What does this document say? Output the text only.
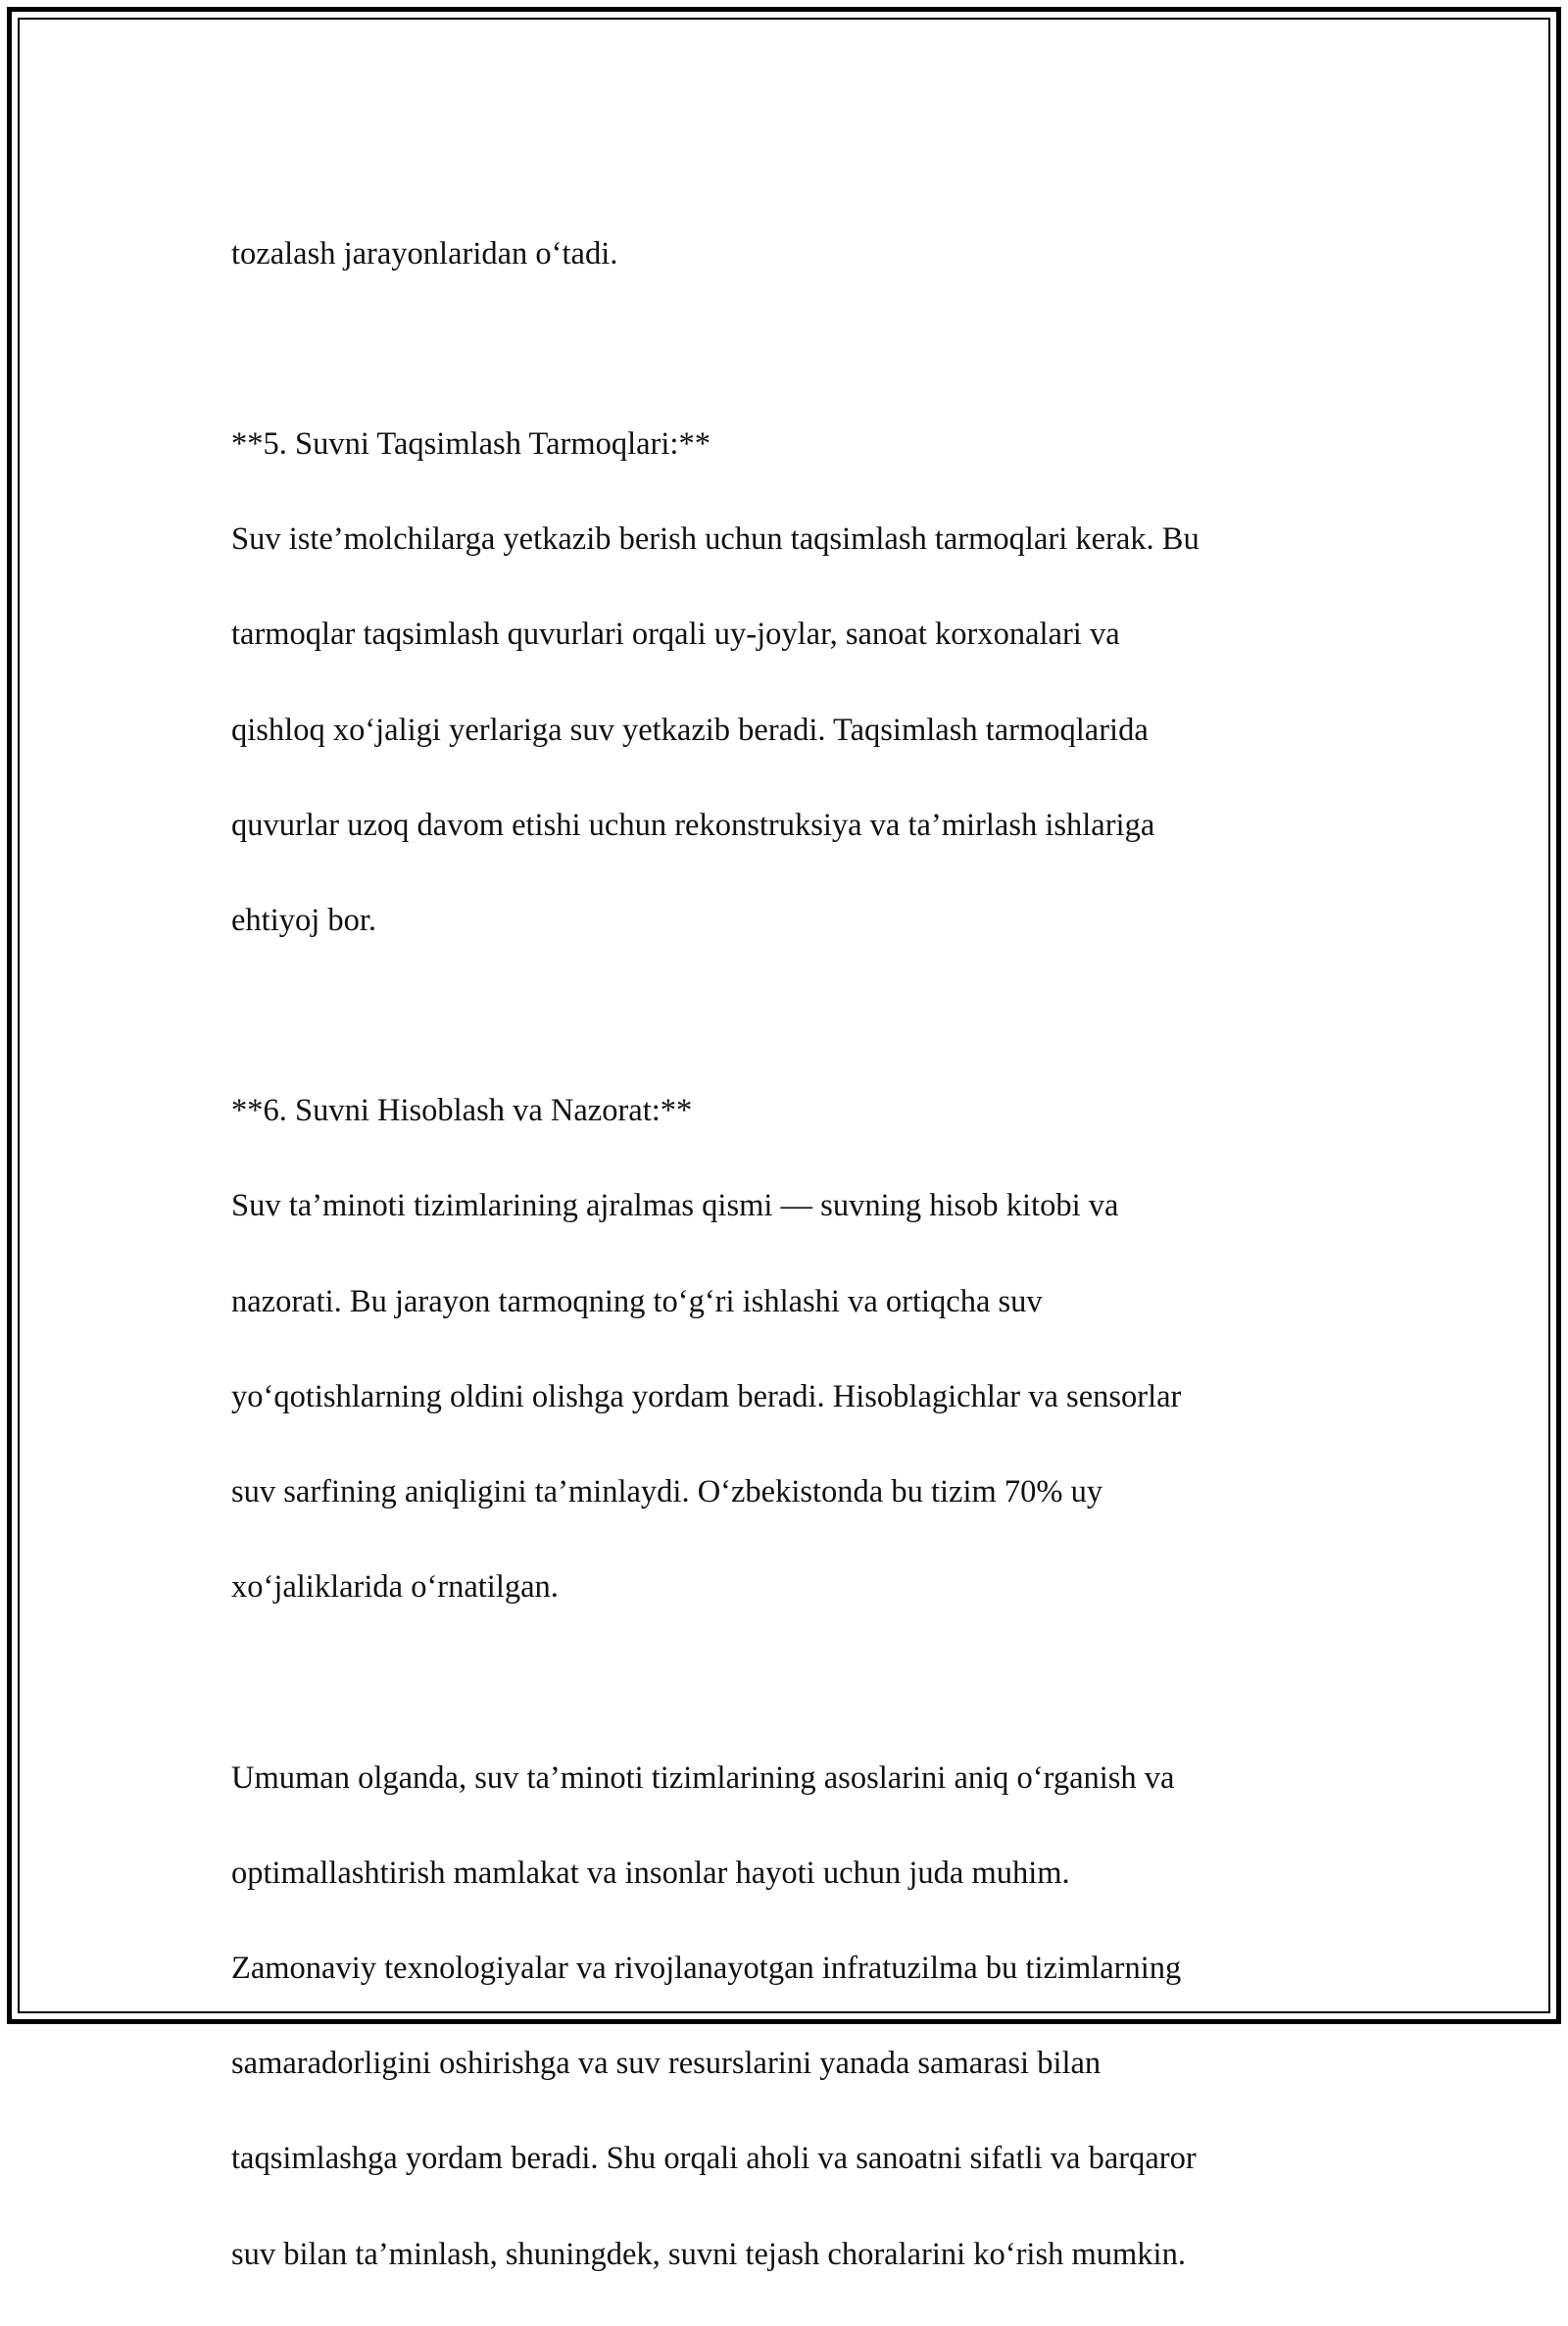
tozalash jarayonlaridan o‘tadi.

**5. Suvni Taqsimlash Tarmoqlari:**

Suv iste’molchilarga yetkazib berish uchun taqsimlash tarmoqlari kerak. Bu

tarmoqlar taqsimlash quvurlari orqali uy-joylar, sanoat korxonalari va

qishloq xo‘jaligi yerlariga suv yetkazib beradi. Taqsimlash tarmoqlarida

quvurlar uzoq davom etishi uchun rekonstruksiya va ta’mirlash ishlariga

ehtiyoj bor.

**6. Suvni Hisoblash va Nazorat:**

Suv ta’minoti tizimlarining ajralmas qismi — suvning hisob kitobi va

nazorati. Bu jarayon tarmoqning to‘g‘ri ishlashi va ortiqcha suv

yo‘qotishlarning oldini olishga yordam beradi. Hisoblagichlar va sensorlar

suv sarfining aniqligini ta’minlaydi. O‘zbekistonda bu tizim 70% uy

xo‘jaliklarida o‘rnatilgan.

Umuman olganda, suv ta’minoti tizimlarining asoslarini aniq o‘rganish va

optimallashtirish mamlakat va insonlar hayoti uchun juda muhim.

Zamonaviy texnologiyalar va rivojlanayotgan infratuzilma bu tizimlarning

samaradorligini oshirishga va suv resurslarini yanada samarasi bilan

taqsimlashga yordam beradi. Shu orqali aholi va sanoatni sifatli va barqaror

suv bilan ta’minlash, shuningdek, suvni tejash choralarini ko‘rish mumkin.
